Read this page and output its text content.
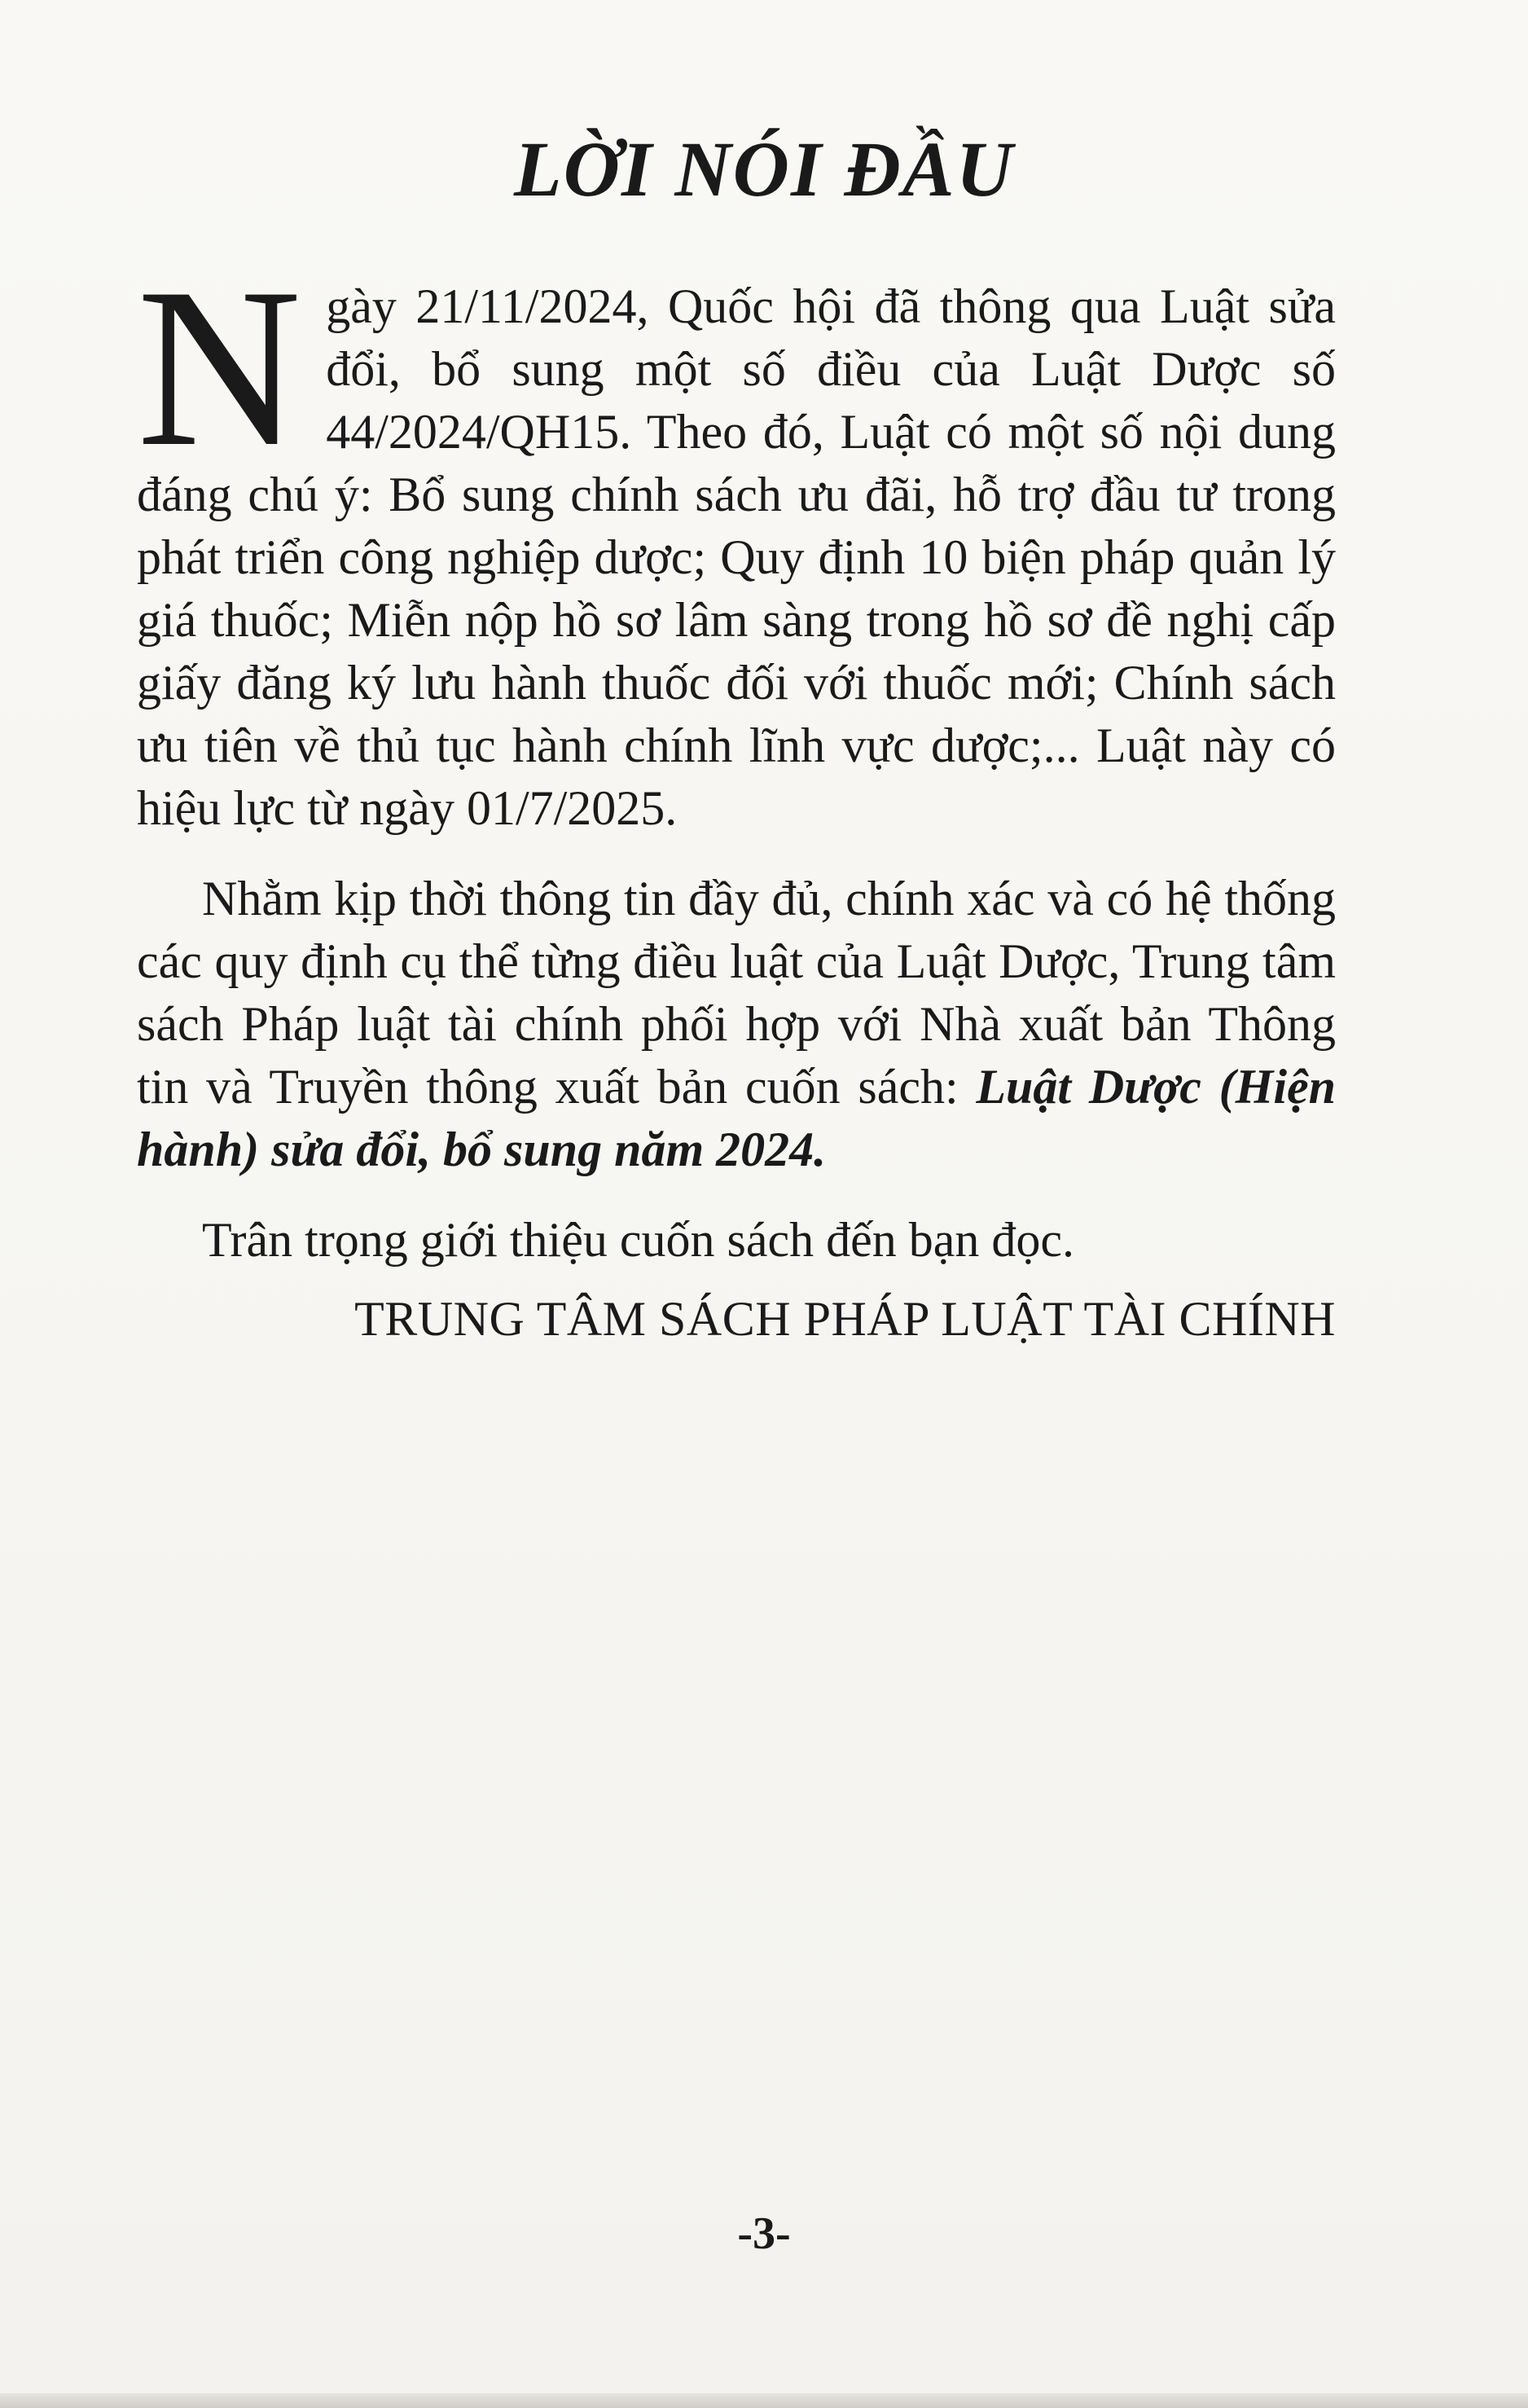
LỜI NÓI ĐẦU

Ngày 21/11/2024, Quốc hội đã thông qua Luật sửa đổi, bổ sung một số điều của Luật Dược số 44/2024/QH15. Theo đó, Luật có một số nội dung đáng chú ý: Bổ sung chính sách ưu đãi, hỗ trợ đầu tư trong phát triển công nghiệp dược; Quy định 10 biện pháp quản lý giá thuốc; Miễn nộp hồ sơ lâm sàng trong hồ sơ đề nghị cấp giấy đăng ký lưu hành thuốc đối với thuốc mới; Chính sách ưu tiên về thủ tục hành chính lĩnh vực dược;... Luật này có hiệu lực từ ngày 01/7/2025.

Nhằm kịp thời thông tin đầy đủ, chính xác và có hệ thống các quy định cụ thể từng điều luật của Luật Dược, Trung tâm sách Pháp luật tài chính phối hợp với Nhà xuất bản Thông tin và Truyền thông xuất bản cuốn sách: Luật Dược (Hiện hành) sửa đổi, bổ sung năm 2024.

Trân trọng giới thiệu cuốn sách đến bạn đọc.

TRUNG TÂM SÁCH PHÁP LUẬT TÀI CHÍNH
-3-
